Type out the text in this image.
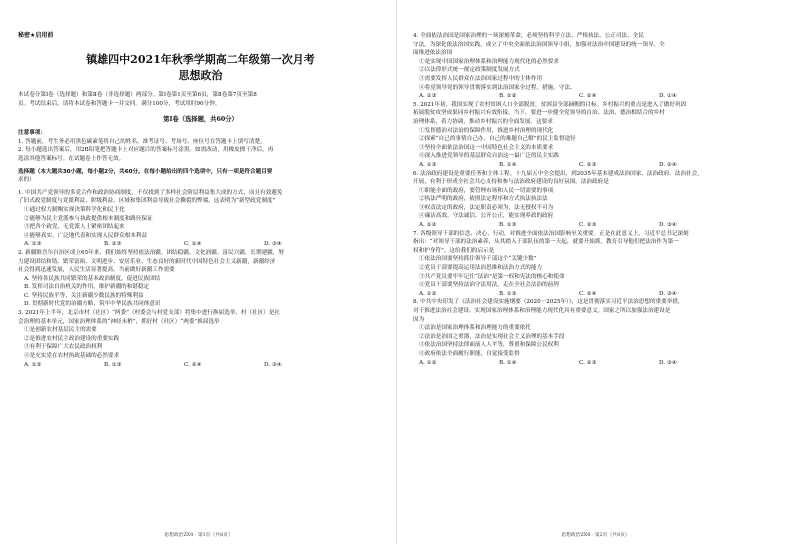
秘密★启用前
镇雄四中2021年秋季学期高二年级第一次月考
思想政治
本试卷分第Ⅰ卷（选择题）和第Ⅱ卷（非选择题）两部分。第Ⅰ卷第1页至第6页，第Ⅱ卷第7页至第8
页。考试结束后，请将本试卷和答题卡一并交回。满分100分，考试用时90分钟。
第Ⅰ卷（选择题，共60分）
注意事项：
1. 答题前，考生务必用黑色碳素笔将自己的姓名、准考证号、考场号、座位号在答题卡上填写清楚。
2. 每小题选出答案后，用2B铅笔把答题卡上对应题目的答案标号涂黑。如需改动，用橡皮擦干净后，再
选涂其他答案标号。在试题卷上作答无效。
选择题（本大题共30小题，每小题2分，共60分。在每小题给出的四个选项中，只有一项是符合题目要
求的）
1. 中国共产党领导的多党合作和政治协商制度，不仅找到了多样社会阶层利益集大成的方式，而且有效避免
了旧式政党制度与党派利益、阶级利益、区域和集团利益导致社会撕裂的弊端。这表明为“新型政党制度”
①通过权力制衡实现决策科学化和民主化
②能够为民主党派参与执政提供根本制度和路径保证
③把各个政党、无党派人士紧密团结起来
④能够真实、广泛地代表和实现人民群众根本利益
A. ①③	B. ②③	C. ①④	D. ③④
2. 新疆维吾尔自治区成立65年来，我们始终坚持依法治疆、团结稳疆、文化润疆、富民兴疆、长期建疆，努
力建设团结和谐、繁荣富裕、文明进步、安居乐业、生态良好的新时代中国特色社会主义新疆，新疆经济
社会得到迅速发展，人民生活显著提高。当前做好新疆工作需要
A. 坚持各民族共同繁荣的基本政治制度，促进民族团结
B. 发挥司法自治机关的作用，维护新疆的和谐稳定
C. 坚持民族平等，关注新疆少数民族的特殊利益
D. 贯彻新时代党的治疆方略，筑牢中华民族共同体意识
3. 2021年上半年，北京市村（社区）“两委”（村委会与村党支部）将集中进行换届选举。村（社区）是社
会治理的基本单元，国家治理体系的“神经末梢”，抓好村（社区）“两委”换届选举
①是创新农村基层民主的需要
②是推进农村民主政治建设的重要实践
③有利于保障广大农民政治权利
④是充实党在农村执政基础的必然要求
A. ①②	B. ①③	C. ②④	D. ③④
思想政治ZX4 · 第1页（共8页）
4. 全面依法治国是国家治理的一场深刻革命，必须坚持科学立法、严格执法、公正司法、全民
守法。为深化依法治国实践，成立了中央全面依法治国领导小组，加强对法治中国建设的统一领导。全
面推进依法治国
①是实现中国国家治理体系和治理能力现代化的必然要求
②以法律形式统一规定政策制度发展方式
③需要发挥人民群众在法治国家过程中的主体作用
④将党领导党的领导贯彻落实到法治国家全过程。措施、守法、
A. ①③	B. ①②	C. ②④	D. ①④
5. 2021年初，我国实现了农村贫困人口全部脱贫，贫困县全部摘帽的目标。乡村振兴的重点是进入了做好巩固
拓展脱贫攻坚成果同乡村振兴有效衔接。当下，要进一步健全党领导的自治、法治、德治相结合的乡村
治理体系，着力协调，推动乡村振兴的全面发展。这要求
①发挥德治对法治的保障作用，推进乡村治理的现代化
②探索“自己的事情自己办、自己的难题自己解”的民主监督途径
③坚持全面依法治国这一中国特色社会主义的本质要求
④深入推进党领导的基层群众自治这一最广泛的民主实践
A. ①③	B. ①④	C. ②③	D. ②④
6. 法治政府建设是重要任务和主体工程。十九届五中全会提出，到2035年基本建成法治国家、法治政府、法治社会，
开展，有利于形成全社会共心支持和参与法治政府建设的良好氛围。法治政府是
①职能全面的政府，要管理市场和人民一切需要的事项
②执法严明的政府，依照法定程序和方式执法执法法
③权责法定的政府，法定职责必须为，法无授权不可为
④廉洁高效、守法诚信、公开公正，能实现养政的政府
A. ①②	B. ①③	C. ②③	D. ③④
7. 各级领导干部的信念、决心、行动，对推进全面依法治国影响至关重要。正是在此意义上，习近平总书记深刻
指出：“对领导干部的法治素养，从其踏入干部队伍的第一天起，就要开始抓，教育引导他们把法治作为第一
权和护身符”。这给我们的启示是
①依法治国要坚持抓住领导干部这个“关键少数”
②党员干部要提高运用法治思维和法治方式的能力
③共产党员要牢牢记住“法治”是第一权和宪法的核心和使命
④党员干部要坚持法治守法用法，走在全社会法治的前列
A. ①②	B. ①③	C. ②④	D. ③④
8. 中共中央印发了《法治社会建设实施纲要（2020－2025年）》，这是贯彻落实习近平法治思想的重要举措，
对于推进法治社会建设、实现国家治理体系和治理能力现代化具有重要意义。国家之所以加强法治建设是
因为
①法治是国家治理体系和治理能力的重要依托
②法治是治国之重器，法治是实现社会主义治理的基本手段
③依法治国坚持法律面前人人平等，尊重和保障公民权利
④政府依法全面履行职能，自觉接受监督
A. ①②	B. ①④	C. ②③	D. ③④
思想政治ZX4 · 第2页（共8页）
